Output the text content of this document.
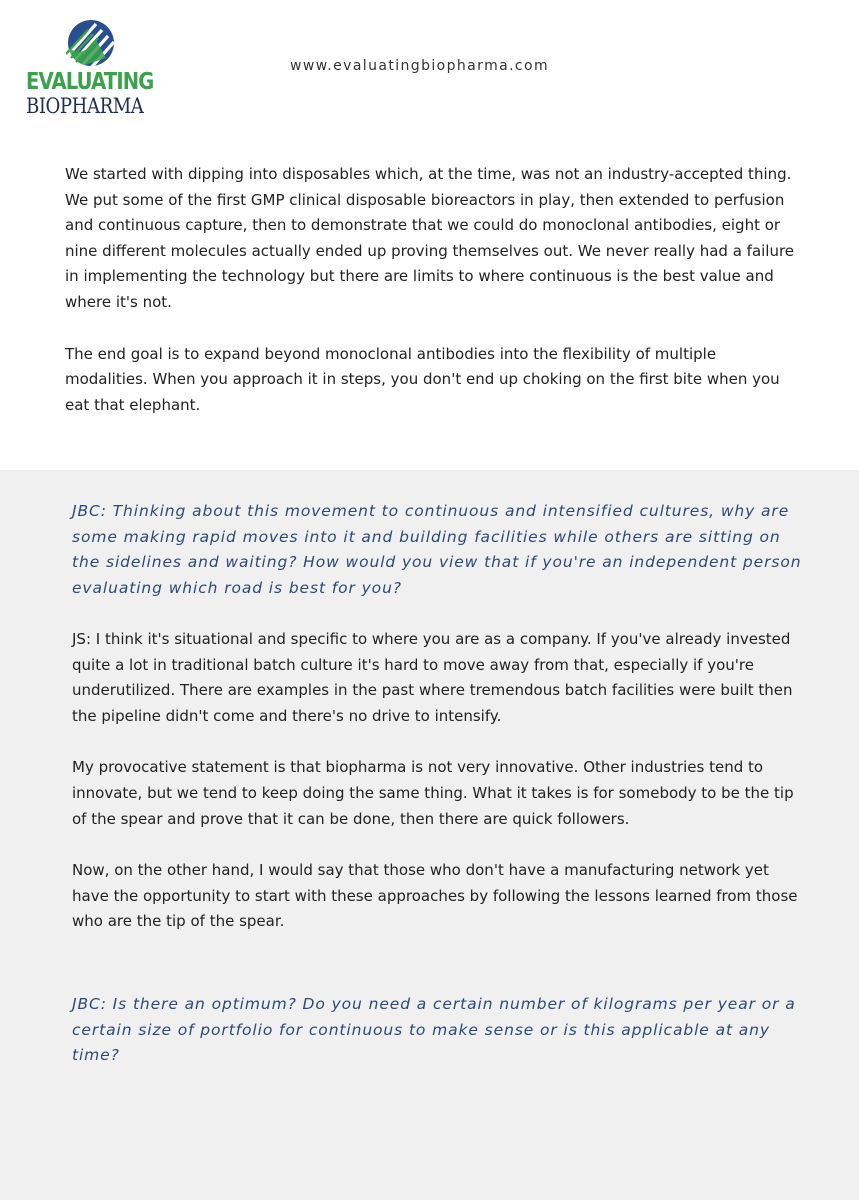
EVALUATING
BIOPHARMA
www.evaluatingbiopharma.com

We started with dipping into disposables which, at the time, was not an industry-accepted thing. We put some of the first GMP clinical disposable bioreactors in play, then extended to perfusion and continuous capture, then to demonstrate that we could do monoclonal antibodies, eight or nine different molecules actually ended up proving themselves out. We never really had a failure in implementing the technology but there are limits to where continuous is the best value and where it's not.

The end goal is to expand beyond monoclonal antibodies into the flexibility of multiple modalities. When you approach it in steps, you don't end up choking on the first bite when you eat that elephant.

JBC: Thinking about this movement to continuous and intensified cultures, why are some making rapid moves into it and building facilities while others are sitting on the sidelines and waiting? How would you view that if you're an independent person evaluating which road is best for you?

JS: I think it's situational and specific to where you are as a company. If you've already invested quite a lot in traditional batch culture it's hard to move away from that, especially if you're underutilized. There are examples in the past where tremendous batch facilities were built then the pipeline didn't come and there's no drive to intensify.

My provocative statement is that biopharma is not very innovative. Other industries tend to innovate, but we tend to keep doing the same thing. What it takes is for somebody to be the tip of the spear and prove that it can be done, then there are quick followers.

Now, on the other hand, I would say that those who don't have a manufacturing network yet have the opportunity to start with these approaches by following the lessons learned from those who are the tip of the spear.

JBC: Is there an optimum? Do you need a certain number of kilograms per year or a certain size of portfolio for continuous to make sense or is this applicable at any time?
